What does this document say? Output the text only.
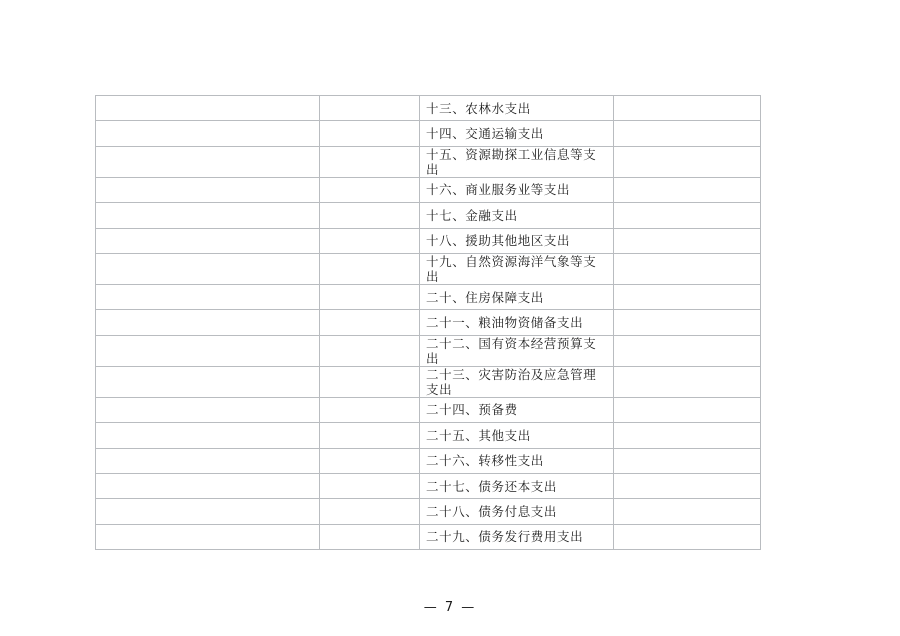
		十三、农林水支出	
		十四、交通运输支出	
		十五、资源勘探工业信息等支出	
		十六、商业服务业等支出	
		十七、金融支出	
		十八、援助其他地区支出	
		十九、自然资源海洋气象等支出	
		二十、住房保障支出	
		二十一、粮油物资储备支出	
		二十二、国有资本经营预算支出	
		二十三、灾害防治及应急管理支出	
		二十四、预备费	
		二十五、其他支出	
		二十六、转移性支出	
		二十七、债务还本支出	
		二十八、债务付息支出	
		二十九、债务发行费用支出	
— 7 —
